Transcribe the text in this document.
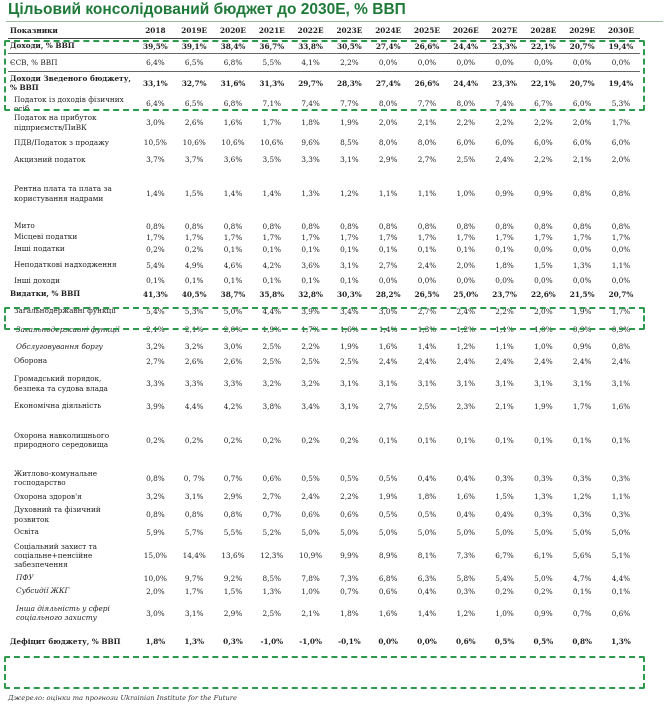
Цільовий консолідований бюджет до 2030Е, % ВВП
Показники	2018	2019Е	2020Е	2021Е	2022Е	2023Е	2024Е	2025Е	2026Е	2027Е	2028Е	2029Е	2030Е
Доходи, % ВВП	39,5%	39,1%	38,4%	36,7%	33,8%	30,5%	27,4%	26,6%	24,4%	23,3%	22,1%	20,7%	19,4%
ЄСВ, % ВВП	6,4%	6,5%	6,8%	5,5%	4,1%	2,2%	0,0%	0,0%	0,0%	0,0%	0,0%	0,0%	0,0%
Доходи Зведеного бюджету, % ВВП	33,1%	32,7%	31,6%	31,3%	29,7%	28,3%	27,4%	26,6%	24,4%	23,3%	22,1%	20,7%	19,4%
Податок із доходів фізичних осіб	6,4%	6,5%	6,8%	7,1%	7,4%	7,7%	8,0%	7,7%	8,0%	7,4%	6,7%	6,0%	5,3%
Податок на прибуток підприємств/ПиВК	3,0%	2,6%	1,6%	1,7%	1,8%	1,9%	2,0%	2,1%	2,2%	2,2%	2,2%	2,0%	1,7%
ПДВ/Податок з продажу	10,5%	10,6%	10,6%	10,6%	9,6%	8,5%	8,0%	8,0%	6,0%	6,0%	6,0%	6,0%	6,0%
Акцизний податок	3,7%	3,7%	3,6%	3,5%	3,3%	3,1%	2,9%	2,7%	2,5%	2,4%	2,2%	2,1%	2,0%
Рентна плата та плата за користування надрами	1,4%	1,5%	1,4%	1,4%	1,3%	1,2%	1,1%	1,1%	1,0%	0,9%	0,9%	0,8%	0,8%
Мито	0,8%	0,8%	0,8%	0,8%	0,8%	0,8%	0,8%	0,8%	0,8%	0,8%	0,8%	0,8%	0,8%
Місцеві податки	1,7%	1,7%	1,7%	1,7%	1,7%	1,7%	1,7%	1,7%	1,7%	1,7%	1,7%	1,7%	1,7%
Інші податки	0,2%	0,2%	0,1%	0,1%	0,1%	0,1%	0,1%	0,1%	0,1%	0,1%	0,0%	0,0%	0,0%
Неподаткові надходження	5,4%	4,9%	4,6%	4,2%	3,6%	3,1%	2,7%	2,4%	2,0%	1,8%	1,5%	1,3%	1,1%
Інші доходи	0,1%	0,1%	0,1%	0,1%	0,1%	0,1%	0,0%	0,0%	0,0%	0,0%	0,0%	0,0%	0,0%
Видатки, % ВВП	41,3%	40,5%	38,7%	35,8%	32,8%	30,3%	28,2%	26,5%	25,0%	23,7%	22,6%	21,5%	20,7%
Загальнодержавні функції	5,4%	5,3%	5,0%	4,4%	3,9%	3,4%	3,0%	2,7%	2,4%	2,2%	2,0%	1,9%	1,7%
Загальнодержавні функції	2,1%	2,1%	2,0%	1,9%	1,7%	1,6%	1,4%	1,3%	1,2%	1,1%	1,0%	0,9%	0,9%
Обслуговування боргу	3,2%	3,2%	3,0%	2,5%	2,2%	1,9%	1,6%	1,4%	1,2%	1,1%	1,0%	0,9%	0,8%
Оборона	2,7%	2,6%	2,6%	2,5%	2,5%	2,5%	2,4%	2,4%	2,4%	2,4%	2,4%	2,4%	2,4%
Громадський порядок, безпека та судова влада	3,3%	3,3%	3,3%	3,2%	3,2%	3,1%	3,1%	3,1%	3,1%	3,1%	3,1%	3,1%	3,1%
Економічна діяльність	3,9%	4,4%	4,2%	3,8%	3,4%	3,1%	2,7%	2,5%	2,3%	2,1%	1,9%	1,7%	1,6%
Охорона навколишнього природного середовища	0,2%	0,2%	0,2%	0,2%	0,2%	0,2%	0,1%	0,1%	0,1%	0,1%	0,1%	0,1%	0,1%
Житлово-комунальне господарство	0,8%	0, 7%	0,7%	0,6%	0,5%	0,5%	0,5%	0,4%	0,4%	0,3%	0,3%	0,3%	0,3%
Охорона здоров'я	3,2%	3,1%	2,9%	2,7%	2,4%	2,2%	1,9%	1,8%	1,6%	1,5%	1,3%	1,2%	1,1%
Духовний та фізичний розвиток	0,8%	0,8%	0,8%	0,7%	0,6%	0,6%	0,5%	0,5%	0,4%	0,4%	0,3%	0,3%	0,3%
Освіта	5,9%	5,7%	5,5%	5,2%	5,0%	5,0%	5,0%	5,0%	5,0%	5,0%	5,0%	5,0%	5,0%
Соціальний захист та соціальне+пенсійне забезпечення	15,0%	14,4%	13,6%	12,3%	10,9%	9,9%	8,9%	8,1%	7,3%	6,7%	6,1%	5,6%	5,1%
ПФУ	10,0%	9,7%	9,2%	8,5%	7,8%	7,3%	6,8%	6,3%	5,8%	5,4%	5,0%	4,7%	4,4%
Субсидії ЖКГ	2,0%	1,7%	1,5%	1,3%	1,0%	0,7%	0,6%	0,4%	0,3%	0,2%	0,2%	0,1%	0,1%
Інша діяльність у сфері соціального захисту	3,0%	3,1%	2,9%	2,5%	2,1%	1,8%	1,6%	1,4%	1,2%	1,0%	0,9%	0,7%	0,6%
Дефіцит бюджету, % ВВП	1,8%	1,3%	0,3%	-1,0%	-1,0%	-0,1%	0,0%	0,0%	0,6%	0,5%	0,5%	0,8%	1,3%
Джерело: оцінки та прогнози Ukrainian Institute for the Future
